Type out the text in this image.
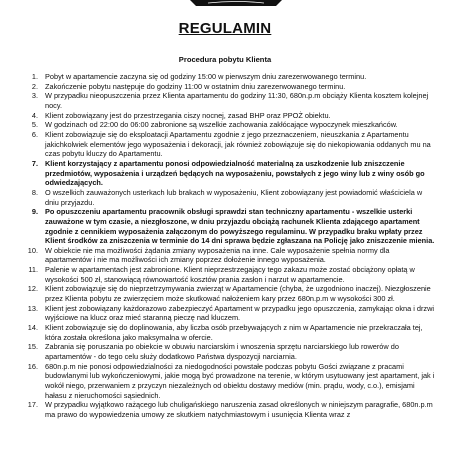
REGULAMIN
Procedura pobytu Klienta
1. Pobyt w apartamencie zaczyna się od godziny 15:00 w pierwszym dniu zarezerwowanego terminu.
2. Zakończenie pobytu następuje do godziny 11:00 w ostatnim dniu zarezerwowanego terminu.
3. W przypadku nieopuszczenia przez Klienta apartamentu do godziny 11:30, 680n.p.m obciąży Klienta kosztem kolejnej nocy.
4. Klient zobowiązany jest do przestrzegania ciszy nocnej, zasad BHP oraz PPOŻ obiektu.
5. W godzinach od 22:00 do 06:00 zabronione są wszelkie zachowania zakłócające wypoczynek mieszkańców.
6. Klient zobowiązuje się do eksploatacji Apartamentu zgodnie z jego przeznaczeniem, nieuszkania z Apartamentu jakichkolwiek elementów jego wyposażenia i dekoracji, jak również zobowiązuje się do niekopiowania oddanych mu na czas pobytu kluczy do Apartamentu.
7. Klient korzystający z apartamentu ponosi odpowiedzialność materialną za uszkodzenie lub zniszczenie przedmiotów, wyposażenia i urządzeń będących na wyposażeniu, powstałych z jego winy lub z winy osób go odwiedzających.
8. O wszelkich zauważonych usterkach lub brakach w wyposażeniu, Klient zobowiązany jest powiadomić właściciela w dniu przyjazdu.
9. Po opuszczeniu apartamentu pracownik obsługi sprawdzi stan techniczny apartamentu - wszelkie usterki zauważone w tym czasie, a niezgłoszone, w dniu przyjazdu obciążą rachunek Klienta zdającego apartament zgodnie z cennikiem wyposażenia załączonym do powyższego regulaminu. W przypadku braku wpłaty przez Klient środków za zniszczenia w terminie do 14 dni sprawa będzie zgłaszana na Policję jako zniszczenie mienia.
10. W obiekcie nie ma możliwości żądania zmiany wyposażenia na inne. Cale wyposażenie spełnia normy dla apartamentów i nie ma możliwości ich zmiany poprzez dołożenie innego wyposażenia.
11. Palenie w apartamentach jest zabronione. Klient nieprzestrzegający tego zakazu może zostać obciążony opłatą w wysokości 500 zł, stanowiącą równowartość kosztów prania zasłon i narzut w apartamencie.
12. Klient zobowiązuje się do nieprzetrzymywania zwierząt w Apartamencie (chyba, że uzgodniono inaczej). Niezgłoszenie przez Klienta pobytu ze zwierzęciem może skutkować nałożeniem kary przez 680n.p.m w wysokości 300 zł.
13. Klient jest zobowiązany każdorazowo zabezpieczyć Apartament w przypadku jego opuszczenia, zamykając okna i drzwi wyjściowe na klucz oraz mieć staranną pieczę nad kluczem.
14. Klient zobowiązuje się do doplinowania, aby liczba osób przebywających z nim w Apartamencie nie przekraczała tej, która została określona jako maksymalna w ofercie.
15. Zabrania się poruszania po obiekcie w obuwiu narciarskim i wnoszenia sprzętu narciarskiego lub rowerów do apartamentów - do tego celu służy dodatkowo Państwa dyspozycji narciarnia.
16. 680n.p.m nie ponosi odpowiedzialności za niedogodności powstałe podczas pobytu Gości związane z pracami budowlanymi lub wykończeniowymi, jakie mogą być prowadzone na terenie, w którym usytuowany jest apartament, jak i wokół niego, przerwaniem z przyczyn niezależnych od obiektu dostawy mediów (min. prądu, wody, c.o.), emisjami hałasu z nieruchomości sąsiednich.
17. W przypadku wyjątkowo rażącego lub chuligańskiego naruszenia zasad określonych w niniejszym paragrafie, 680n.p.m ma prawo do wypowiedzenia umowy ze skutkiem natychmiastowym i usunięcia Klienta wraz z
